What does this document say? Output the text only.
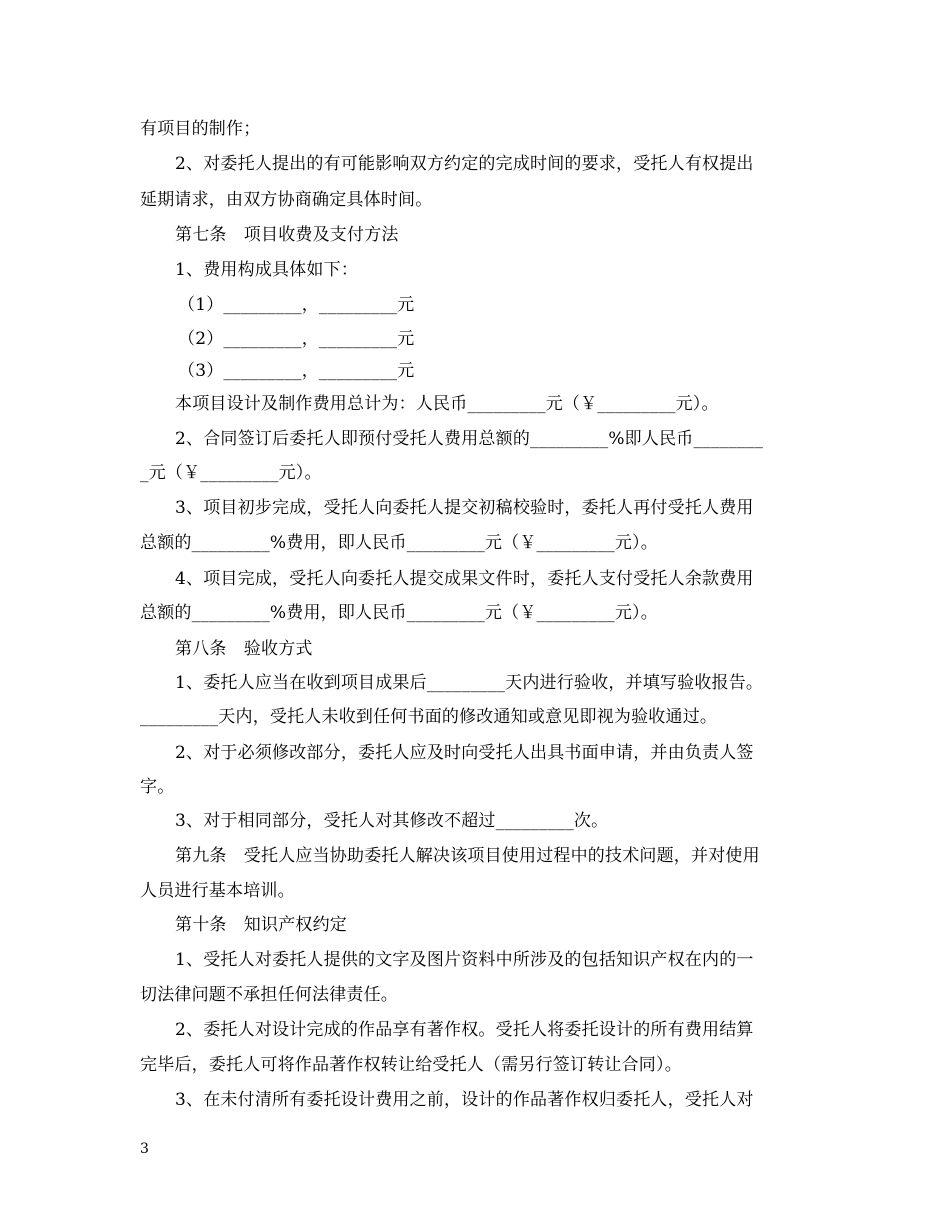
有项目的制作；
2、对委托人提出的有可能影响双方约定的完成时间的要求，受托人有权提出
延期请求，由双方协商确定具体时间。
第七条　项目收费及支付方法
1、费用构成具体如下：
（1）_________，_________元
（2）_________，_________元
（3）_________，_________元
本项目设计及制作费用总计为：人民币_________元（￥_________元）。
2、合同签订后委托人即预付受托人费用总额的_________%即人民币________
_元（￥_________元）。
3、项目初步完成，受托人向委托人提交初稿校验时，委托人再付受托人费用
总额的_________%费用，即人民币_________元（￥_________元）。
4、项目完成，受托人向委托人提交成果文件时，委托人支付受托人余款费用
总额的_________%费用，即人民币_________元（￥_________元）。
第八条　验收方式
1、委托人应当在收到项目成果后_________天内进行验收，并填写验收报告。
_________天内，受托人未收到任何书面的修改通知或意见即视为验收通过。
2、对于必须修改部分，委托人应及时向受托人出具书面申请，并由负责人签
字。
3、对于相同部分，受托人对其修改不超过_________次。
第九条　受托人应当协助委托人解决该项目使用过程中的技术问题，并对使用
人员进行基本培训。
第十条　知识产权约定
1、受托人对委托人提供的文字及图片资料中所涉及的包括知识产权在内的一
切法律问题不承担任何法律责任。
2、委托人对设计完成的作品享有著作权。受托人将委托设计的所有费用结算
完毕后，委托人可将作品著作权转让给受托人（需另行签订转让合同）。
3、在未付清所有委托设计费用之前，设计的作品著作权归委托人，受托人对
3
